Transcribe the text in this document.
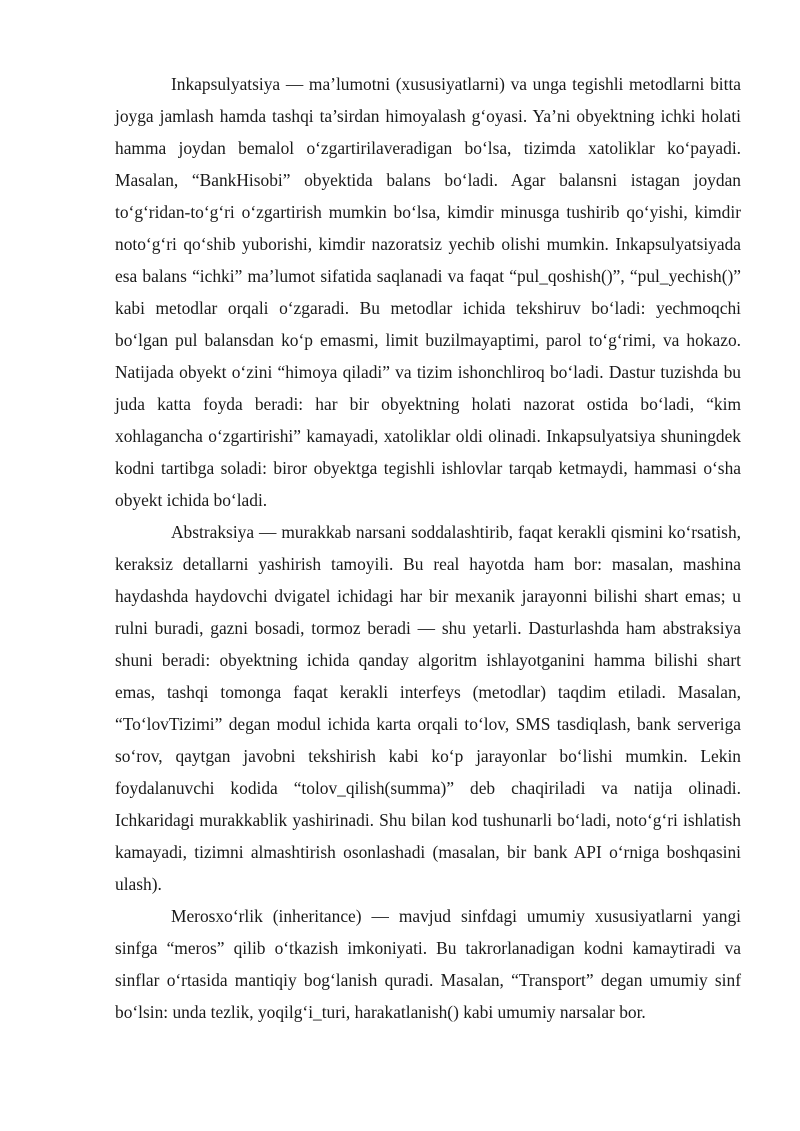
Inkapsulyatsiya — ma’lumotni (xususiyatlarni) va unga tegishli metodlarni bitta joyga jamlash hamda tashqi ta’sirdan himoyalash g‘oyasi. Ya’ni obyektning ichki holati hamma joydan bemalol o‘zgartirilaveradigan bo‘lsa, tizimda xatoliklar ko‘payadi. Masalan, “BankHisobi” obyektida balans bo‘ladi. Agar balansni istagan joydan to‘g‘ridan-to‘g‘ri o‘zgartirish mumkin bo‘lsa, kimdir minusga tushirib qo‘yishi, kimdir noto‘g‘ri qo‘shib yuborishi, kimdir nazoratsiz yechib olishi mumkin. Inkapsulyatsiyada esa balans “ichki” ma’lumot sifatida saqlanadi va faqat “pul_qoshish()”, “pul_yechish()” kabi metodlar orqali o‘zgaradi. Bu metodlar ichida tekshiruv bo‘ladi: yechmoqchi bo‘lgan pul balansdan ko‘p emasmi, limit buzilmayaptimi, parol to‘g‘rimi, va hokazo. Natijada obyekt o‘zini “himoya qiladi” va tizim ishonchliroq bo‘ladi. Dastur tuzishda bu juda katta foyda beradi: har bir obyektning holati nazorat ostida bo‘ladi, “kim xohlagancha o‘zgartirishi” kamayadi, xatoliklar oldi olinadi. Inkapsulyatsiya shuningdek kodni tartibga soladi: biror obyektga tegishli ishlovlar tarqab ketmaydi, hammasi o‘sha obyekt ichida bo‘ladi.

Abstraksiya — murakkab narsani soddalashtirib, faqat kerakli qismini ko‘rsatish, keraksiz detallarni yashirish tamoyili. Bu real hayotda ham bor: masalan, mashina haydashda haydovchi dvigatel ichidagi har bir mexanik jarayonni bilishi shart emas; u rulni buradi, gazni bosadi, tormoz beradi — shu yetarli. Dasturlashda ham abstraksiya shuni beradi: obyektning ichida qanday algoritm ishlayotganini hamma bilishi shart emas, tashqi tomonga faqat kerakli interfeys (metodlar) taqdim etiladi. Masalan, “To‘lovTizimi” degan modul ichida karta orqali to‘lov, SMS tasdiqlash, bank serveriga so‘rov, qaytgan javobni tekshirish kabi ko‘p jarayonlar bo‘lishi mumkin. Lekin foydalanuvchi kodida “tolov_qilish(summa)” deb chaqiriladi va natija olinadi. Ichkaridagi murakkablik yashirinadi. Shu bilan kod tushunarli bo‘ladi, noto‘g‘ri ishlatish kamayadi, tizimni almashtirish osonlashadi (masalan, bir bank API o‘rniga boshqasini ulash).

Merosxo‘rlik (inheritance) — mavjud sinfdagi umumiy xususiyatlarni yangi sinfga “meros” qilib o‘tkazish imkoniyati. Bu takrorlanadigan kodni kamaytiradi va sinflar o‘rtasida mantiqiy bog‘lanish quradi. Masalan, “Transport” degan umumiy sinf bo‘lsin: unda tezlik, yoqilg‘i_turi, harakatlanish() kabi umumiy narsalar bor.
